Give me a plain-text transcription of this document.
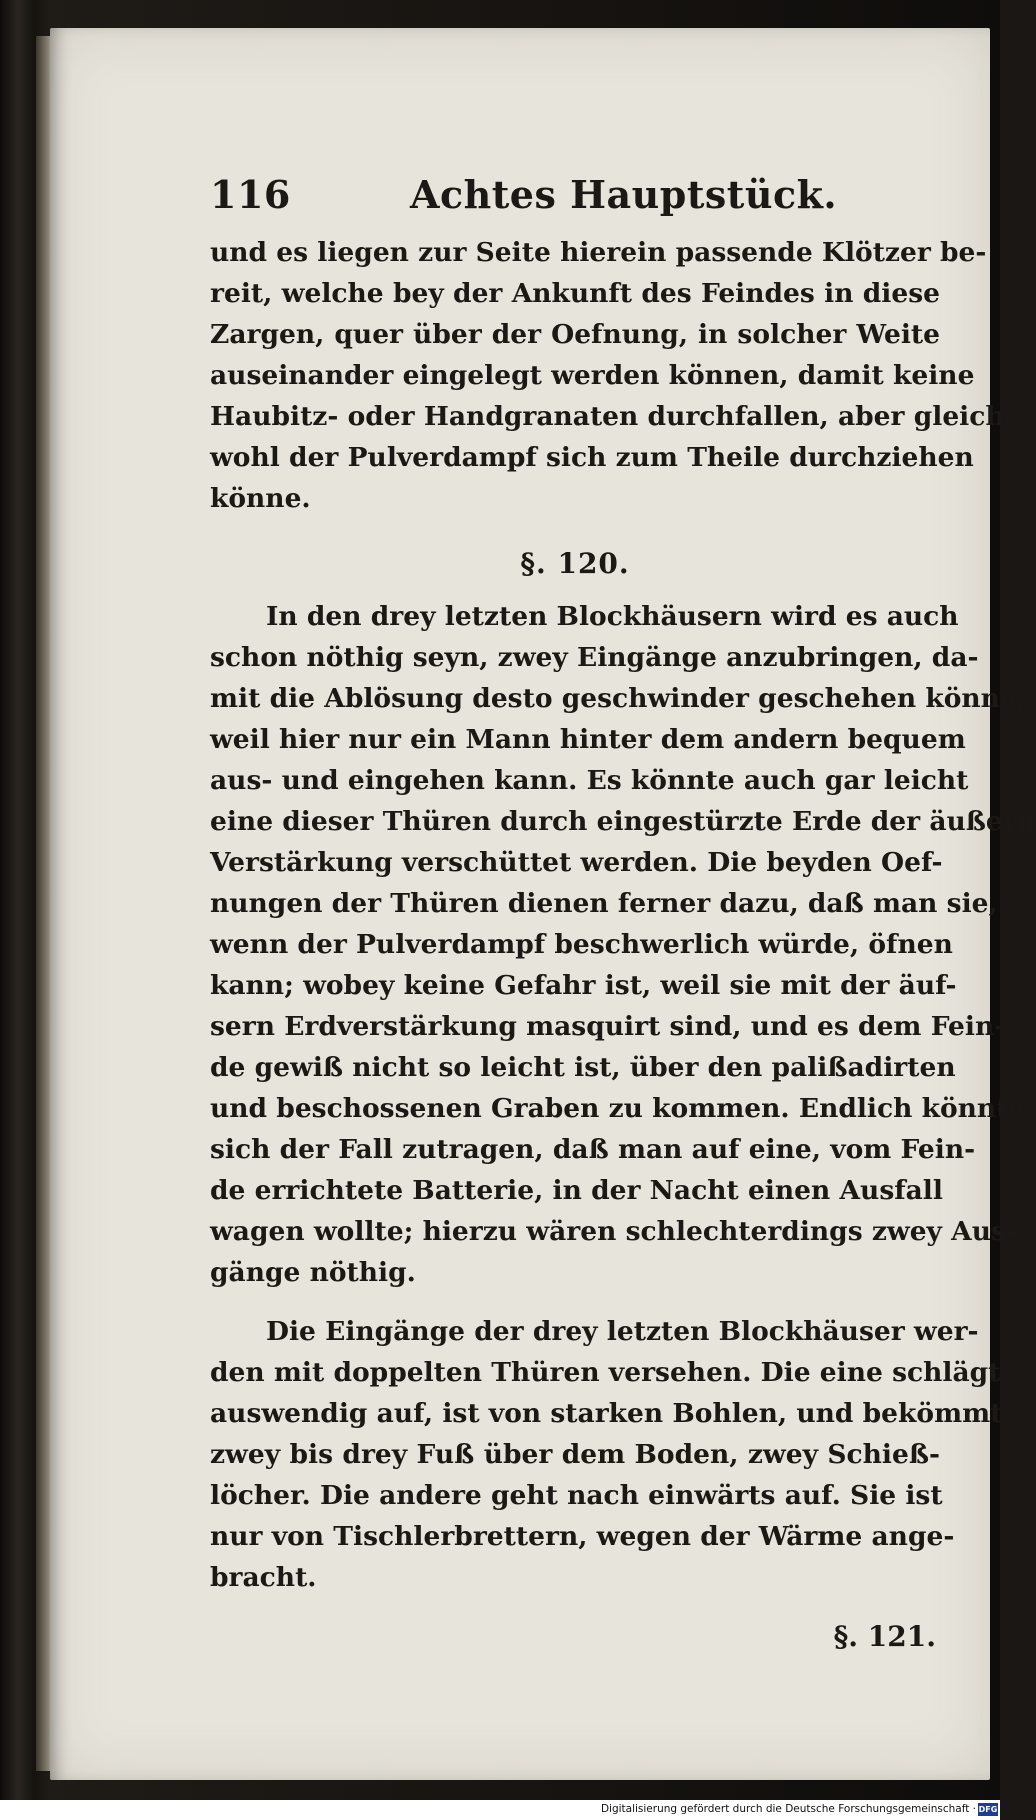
116	Achtes Hauptstück.
und es liegen zur Seite hierein passende Klötzer be-
reit, welche bey der Ankunft des Feindes in diese
Zargen, quer über der Oefnung, in solcher Weite
auseinander eingelegt werden können, damit keine
Haubitz- oder Handgranaten durchfallen, aber gleich-
wohl der Pulverdampf sich zum Theile durchziehen
könne.
§. 120.
In den drey letzten Blockhäusern wird es auch
schon nöthig seyn, zwey Eingänge anzubringen, da-
mit die Ablösung desto geschwinder geschehen könne,
weil hier nur ein Mann hinter dem andern bequem
aus- und eingehen kann. Es könnte auch gar leicht
eine dieser Thüren durch eingestürzte Erde der äußern
Verstärkung verschüttet werden. Die beyden Oef-
nungen der Thüren dienen ferner dazu, daß man sie,
wenn der Pulverdampf beschwerlich würde, öfnen
kann; wobey keine Gefahr ist, weil sie mit der äuf-
sern Erdverstärkung masquirt sind, und es dem Fein-
de gewiß nicht so leicht ist, über den palißadirten
und beschossenen Graben zu kommen. Endlich könnte
sich der Fall zutragen, daß man auf eine, vom Fein-
de errichtete Batterie, in der Nacht einen Ausfall
wagen wollte; hierzu wären schlechterdings zwey Aus-
gänge nöthig.
Die Eingänge der drey letzten Blockhäuser wer-
den mit doppelten Thüren versehen. Die eine schlägt
auswendig auf, ist von starken Bohlen, und bekömmt,
zwey bis drey Fuß über dem Boden, zwey Schieß-
löcher. Die andere geht nach einwärts auf. Sie ist
nur von Tischlerbrettern, wegen der Wärme ange-
bracht.
§. 121.
Digitalisierung gefördert durch die Deutsche Forschungsgemeinschaft · DFG
